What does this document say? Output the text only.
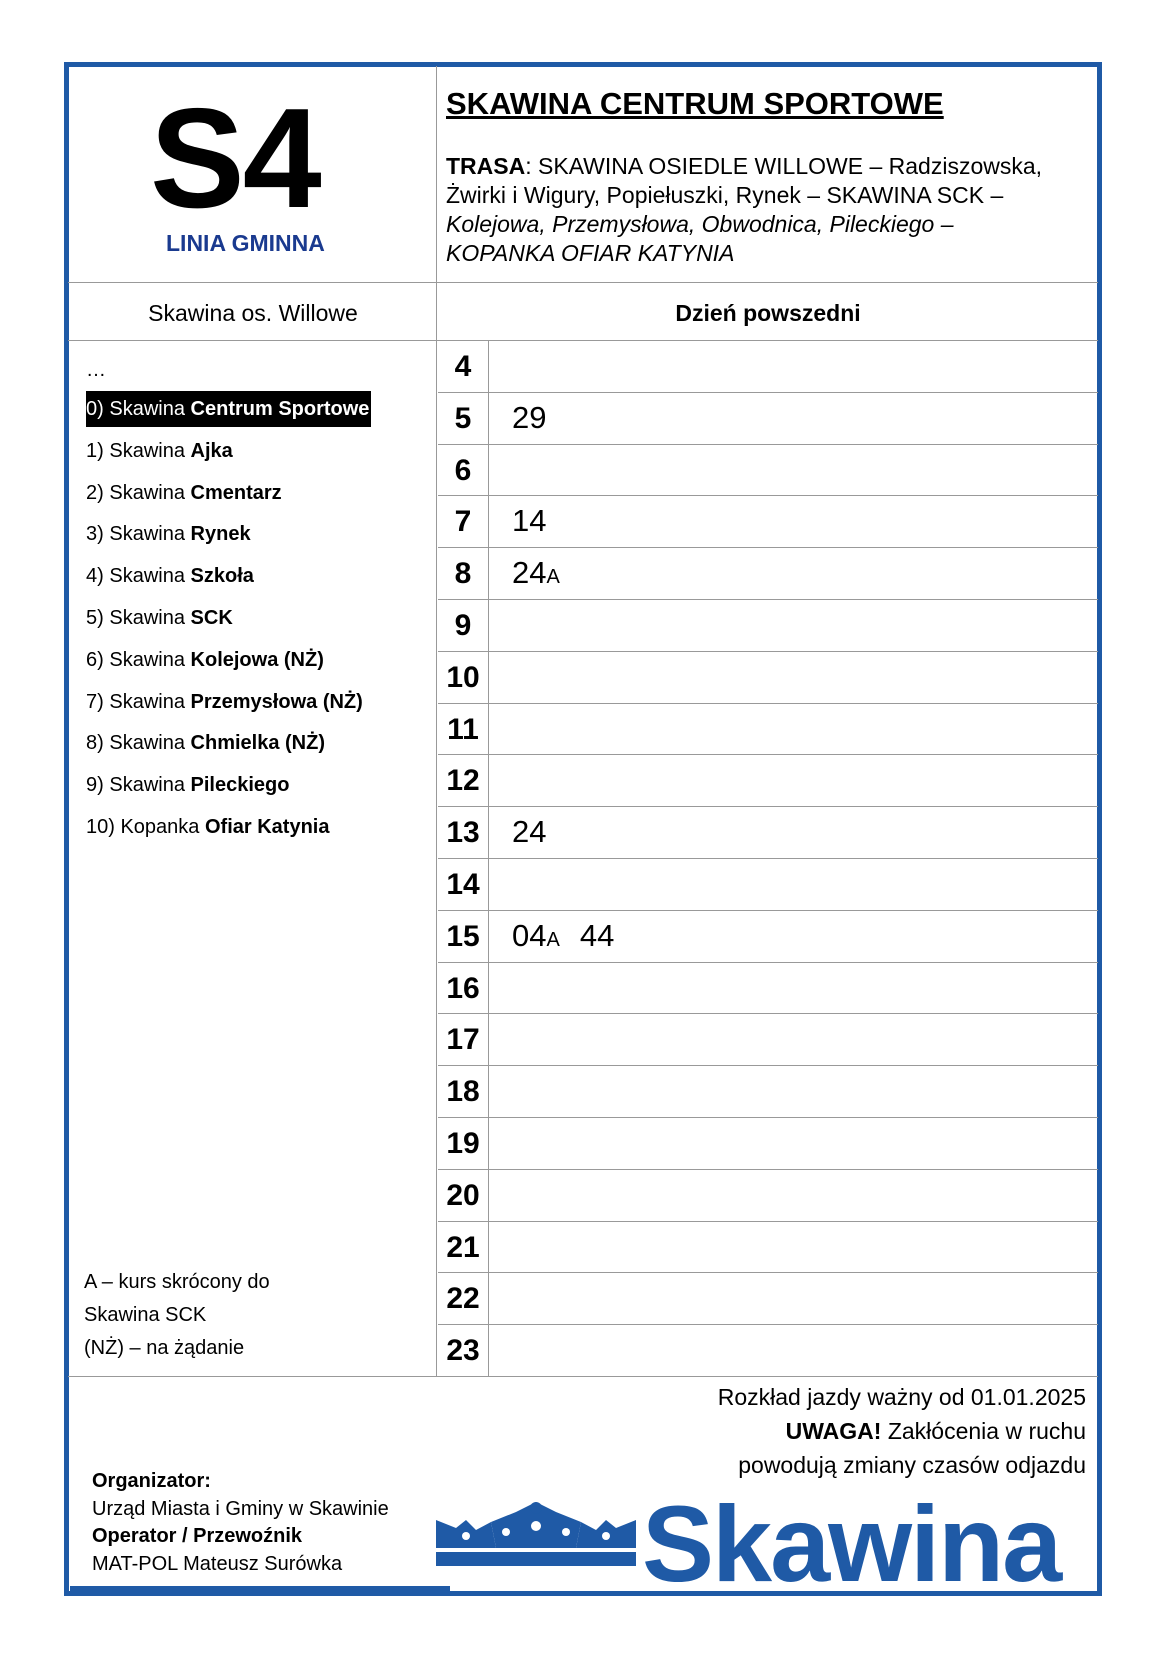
S4
LINIA GMINNA
SKAWINA CENTRUM SPORTOWE
TRASA: SKAWINA OSIEDLE WILLOWE – Radziszowska,
Żwirki i Wigury, Popiełuszki, Rynek – SKAWINA SCK –
Kolejowa, Przemysłowa, Obwodnica, Pileckiego –
KOPANKA OFIAR KATYNIA
Skawina os. Willowe	Dzień powszedni
…
0) Skawina Centrum Sportowe
1) Skawina Ajka
2) Skawina Cmentarz
3) Skawina Rynek
4) Skawina Szkoła
5) Skawina SCK
6) Skawina Kolejowa (NŻ)
7) Skawina Przemysłowa (NŻ)
8) Skawina Chmielka (NŻ)
9) Skawina Pileckiego
10) Kopanka Ofiar Katynia
A – kurs skrócony do
Skawina SCK
(NŻ) – na żądanie
4
5	29
6
7	14
8	24A
9
10
11
12
13 24
14
15 04A 44
16
17
18
19
20
21
22
23
Rozkład jazdy ważny od 01.01.2025
UWAGA! Zakłócenia w ruchu
powodują zmiany czasów odjazdu
Organizator:
Urząd Miasta i Gminy w Skawinie
Operator / Przewoźnik
MAT-POL Mateusz Surówka	Skawina
